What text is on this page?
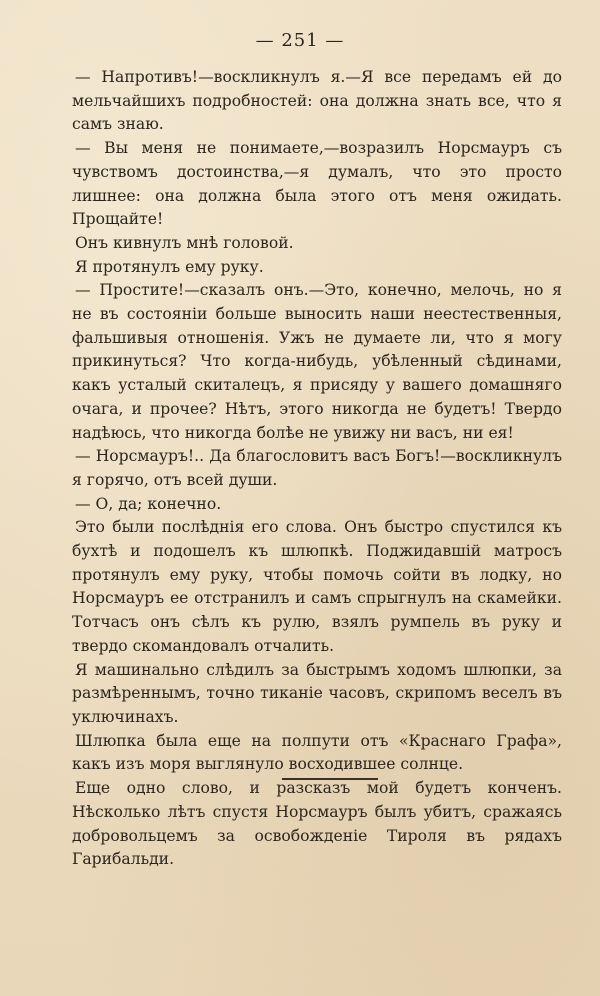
— 251 —

— Напротивъ!—воскликнулъ я.—Я все передамъ ей до мельчайшихъ подробностей: она должна знать все, что я самъ знаю.

— Вы меня не понимаете,—возразилъ Норсмауръ съ чувствомъ достоинства,—я думалъ, что это просто лишнее: она должна была этого отъ меня ожидать. Прощайте!

Онъ кивнулъ мнѣ головой.

Я протянулъ ему руку.

— Простите!—сказалъ онъ.—Это, конечно, мелочь, но я не въ состояніи больше выносить наши неестественныя, фальшивыя отношенія. Ужъ не думаете ли, что я могу прикинуться? Что когда-нибудь, убѣленный сѣдинами, какъ усталый скиталецъ, я присяду у вашего домашняго очага, и прочее? Нѣтъ, этого никогда не будетъ! Твердо надѣюсь, что никогда болѣе не увижу ни васъ, ни ея!

— Норсмауръ!.. Да благословитъ васъ Богъ!—воскликнулъ я горячо, отъ всей души.

— О, да; конечно.

Это были послѣднія его слова. Онъ быстро спустился къ бухтѣ и подошелъ къ шлюпкѣ. Поджидавшій матросъ протянулъ ему руку, чтобы помочь сойти въ лодку, но Норсмауръ ее отстранилъ и самъ спрыгнулъ на скамейки. Тотчасъ онъ сѣлъ къ рулю, взялъ румпель въ руку и твердо скомандовалъ отчалить.

Я машинально слѣдилъ за быстрымъ ходомъ шлюпки, за размѣреннымъ, точно тиканіе часовъ, скрипомъ веселъ въ уключинахъ.

Шлюпка была еще на полпути отъ «Краснаго Графа», какъ изъ моря выглянуло восходившее солнце.

Еще одно слово, и разсказъ мой будетъ конченъ. Нѣсколько лѣтъ спустя Норсмауръ былъ убитъ, сражаясь добровольцемъ за освобожденіе Тироля въ рядахъ Гарибальди.
